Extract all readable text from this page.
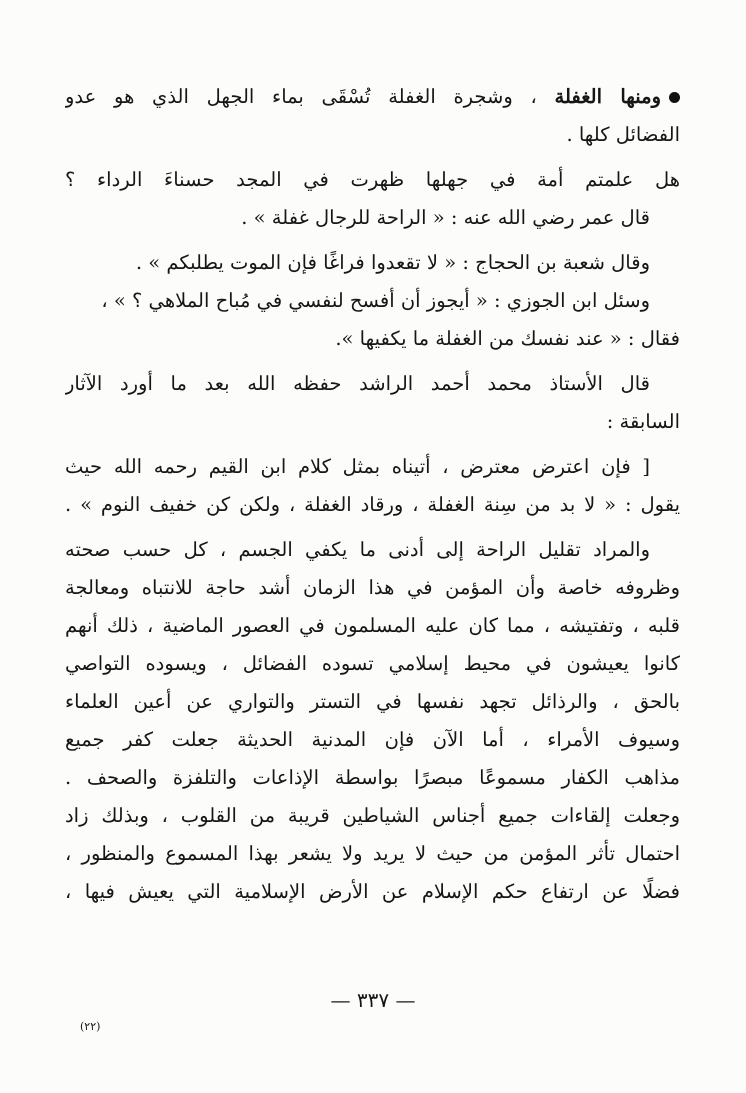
ومنها الغفلة ، وشجرة الغفلة تُسْقَى بماء الجهل الذي هو عدو
الفضائل كلها .
هل علمتم أمة في جهلها ظهرت في المجد حسناءَ الرداء ؟
قال عمر رضي الله عنه : « الراحة للرجال غفلة » .
وقال شعبة بن الحجاج : « لا تقعدوا فراغًا فإن الموت يطلبكم » .
وسئل ابن الجوزي : « أيجوز أن أفسح لنفسي في مُباح الملاهي ؟ » ،
فقال : « عند نفسك من الغفلة ما يكفيها ».
قال الأستاذ محمد أحمد الراشد حفظه الله بعد ما أورد الآثار
السابقة :
[ فإن اعترض معترض ، أتيناه بمثل كلام ابن القيم رحمه الله حيث
يقول : « لا بد من سِنة الغفلة ، ورقاد الغفلة ، ولكن كن خفيف النوم » .
والمراد تقليل الراحة إلى أدنى ما يكفي الجسم ، كل حسب صحته
وظروفه خاصة وأن المؤمن في هذا الزمان أشد حاجة للانتباه ومعالجة
قلبه ، وتفتيشه ، مما كان عليه المسلمون في العصور الماضية ، ذلك أنهم
كانوا يعيشون في محيط إسلامي تسوده الفضائل ، ويسوده التواصي
بالحق ، والرذائل تجهد نفسها في التستر والتواري عن أعين العلماء
وسيوف الأمراء ، أما الآن فإن المدنية الحديثة جعلت كفر جميع
مذاهب الكفار مسموعًا مبصرًا بواسطة الإذاعات والتلفزة والصحف .
وجعلت إلقاءات جميع أجناس الشياطين قريبة من القلوب ، وبذلك زاد
احتمال تأثر المؤمن من حيث لا يريد ولا يشعر بهذا المسموع والمنظور ،
فضلًا عن ارتفاع حكم الإسلام عن الأرض الإسلامية التي يعيش فيها ،
— ٣٣٧ —
(٢٢)
